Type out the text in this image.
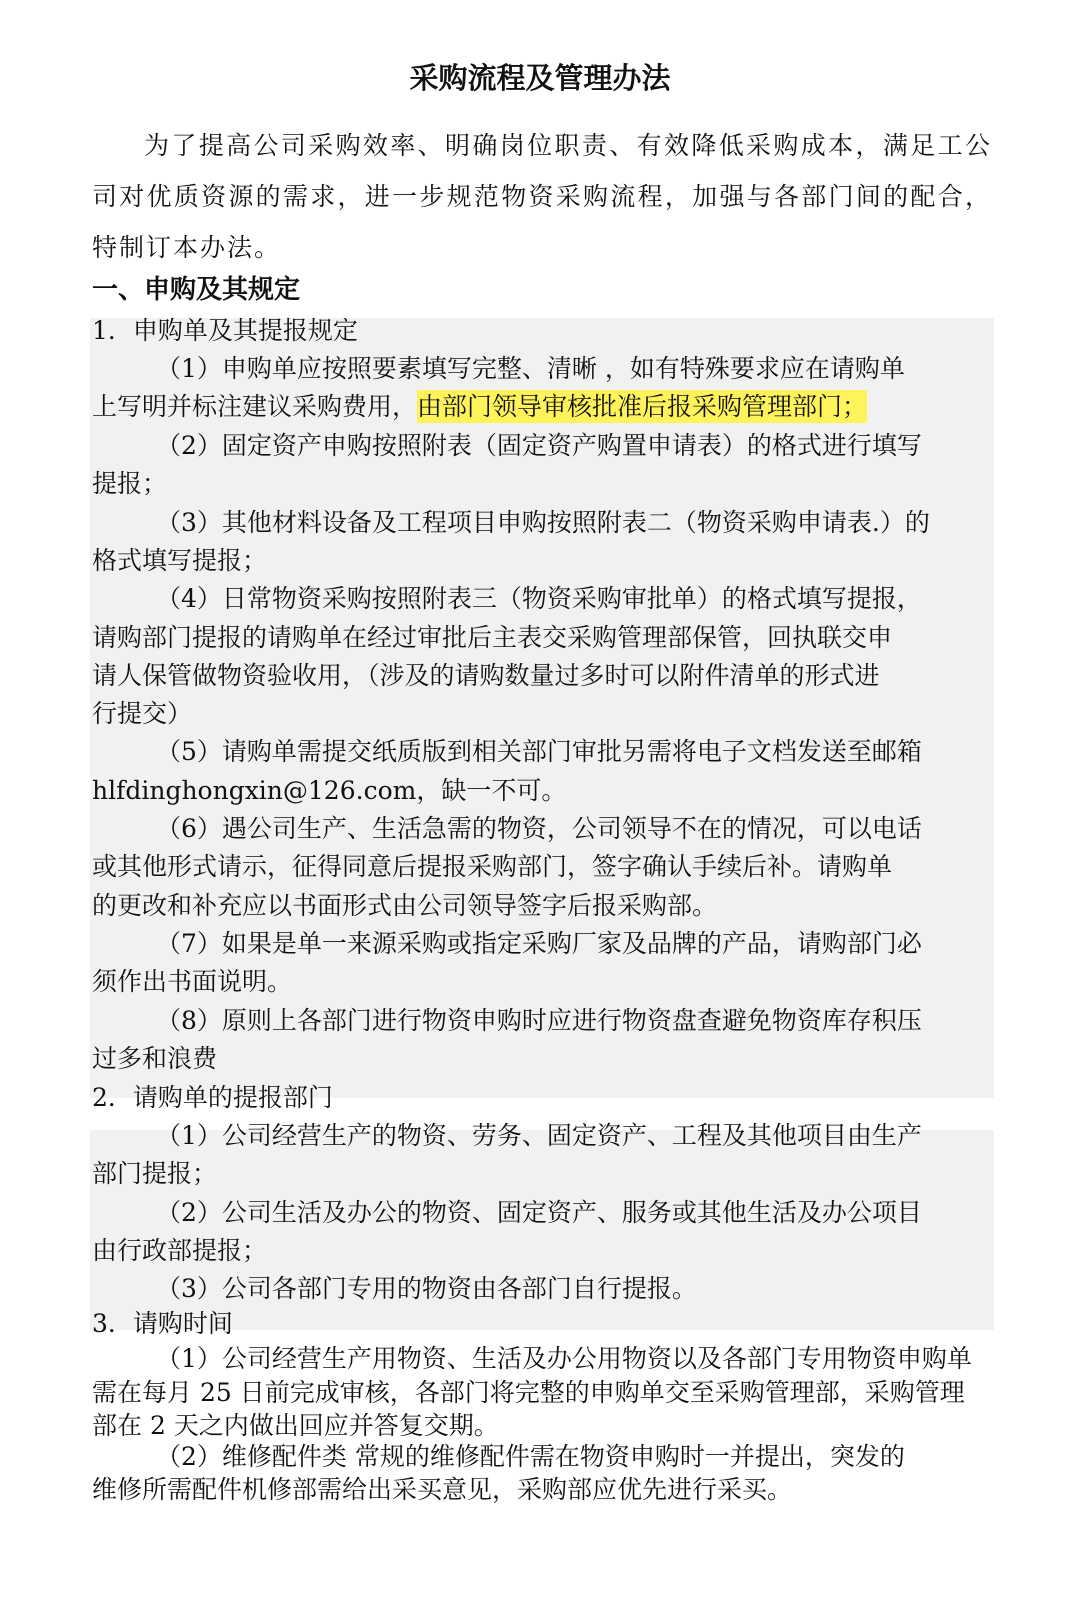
采购流程及管理办法

为了提高公司采购效率、明确岗位职责、有效降低采购成本，满足工公司对优质资源的需求，进一步规范物资采购流程，加强与各部门间的配合，特制订本办法。

一、申购及其规定

1．申购单及其提报规定

（1）申购单应按照要素填写完整、清晰 ，如有特殊要求应在请购单

上写明并标注建议采购费用，由部门领导审核批准后报采购管理部门；

（2）固定资产申购按照附表（固定资产购置申请表）的格式进行填写

提报；

（3）其他材料设备及工程项目申购按照附表二（物资采购申请表.）的

格式填写提报；

（4）日常物资采购按照附表三（物资采购审批单）的格式填写提报，

请购部门提报的请购单在经过审批后主表交采购管理部保管，回执联交申

请人保管做物资验收用，（涉及的请购数量过多时可以附件清单的形式进

行提交）

（5）请购单需提交纸质版到相关部门审批另需将电子文档发送至邮箱

hlfdinghongxin@126.com，缺一不可。

（6）遇公司生产、生活急需的物资，公司领导不在的情况，可以电话

或其他形式请示，征得同意后提报采购部门，签字确认手续后补。请购单

的更改和补充应以书面形式由公司领导签字后报采购部。

（7）如果是单一来源采购或指定采购厂家及品牌的产品，请购部门必

须作出书面说明。

（8）原则上各部门进行物资申购时应进行物资盘查避免物资库存积压

过多和浪费

2．请购单的提报部门

（1）公司经营生产的物资、劳务、固定资产、工程及其他项目由生产

部门提报；

（2）公司生活及办公的物资、固定资产、服务或其他生活及办公项目

由行政部提报；

（3）公司各部门专用的物资由各部门自行提报。

3．请购时间

（1）公司经营生产用物资、生活及办公用物资以及各部门专用物资申购单

需在每月 25 日前完成审核，各部门将完整的申购单交至采购管理部，采购管理

部在 2 天之内做出回应并答复交期。

（2）维修配件类 常规的维修配件需在物资申购时一并提出，突发的

维修所需配件机修部需给出采买意见，采购部应优先进行采买。
